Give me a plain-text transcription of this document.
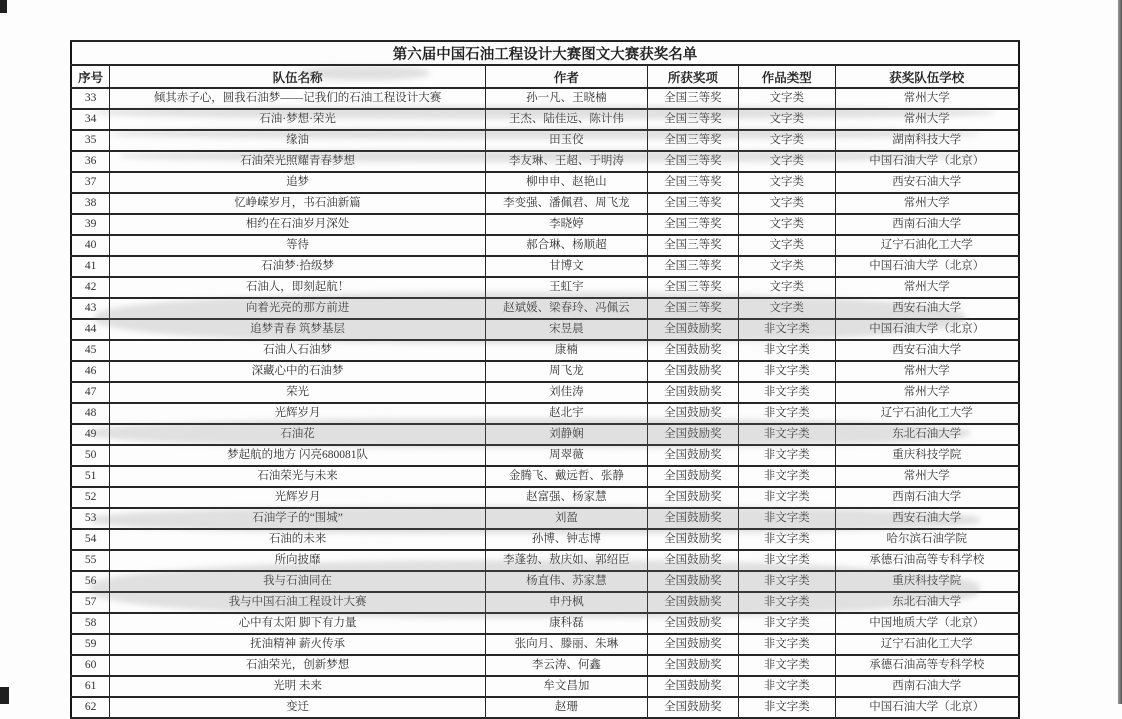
第六届中国石油工程设计大赛图文大赛获奖名单					
序号	队伍名称	作者	所获奖项	作品类型	获奖队伍学校
33	倾其赤子心，圆我石油梦——记我们的石油工程设计大赛	孙一凡、王晓楠	全国三等奖	文字类	常州大学
34	石油·梦想·荣光	王杰、陆佳远、陈计伟	全国三等奖	文字类	常州大学
35	缘油	田玉佼	全国三等奖	文字类	湖南科技大学
36	石油荣光照耀青春梦想	李友琳、王超、于明涛	全国三等奖	文字类	中国石油大学（北京）
37	追梦	柳申申、赵艳山	全国三等奖	文字类	西安石油大学
38	忆峥嵘岁月，书石油新篇	李变强、潘佩君、周飞龙	全国三等奖	文字类	常州大学
39	相约在石油岁月深处	李晓婷	全国三等奖	文字类	西南石油大学
40	等待	郝合琳、杨顺超	全国三等奖	文字类	辽宁石油化工大学
41	石油梦·拾级梦	甘博文	全国三等奖	文字类	中国石油大学（北京）
42	石油人，即刻起航！	王虹宇	全国三等奖	文字类	常州大学
43	向着光亮的那方前进	赵斌媛、梁春玲、冯佩云	全国三等奖	文字类	西安石油大学
44	追梦青春 筑梦基层	宋昱晨	全国鼓励奖	非文字类	中国石油大学（北京）
45	石油人石油梦	康楠	全国鼓励奖	非文字类	西安石油大学
46	深藏心中的石油梦	周飞龙	全国鼓励奖	非文字类	常州大学
47	荣光	刘佳涛	全国鼓励奖	非文字类	常州大学
48	光辉岁月	赵北宇	全国鼓励奖	非文字类	辽宁石油化工大学
49	石油花	刘静娴	全国鼓励奖	非文字类	东北石油大学
50	梦起航的地方 闪亮680081队	周翠薇	全国鼓励奖	非文字类	重庆科技学院
51	石油荣光与未来	金腾飞、戴远哲、张静	全国鼓励奖	非文字类	常州大学
52	光辉岁月	赵富强、杨家慧	全国鼓励奖	非文字类	西南石油大学
53	石油学子的“围城”	刘盈	全国鼓励奖	非文字类	西安石油大学
54	石油的未来	孙博、钟志博	全国鼓励奖	非文字类	哈尔滨石油学院
55	所向披靡	李蓬勃、敖庆如、郭绍臣	全国鼓励奖	非文字类	承德石油高等专科学校
56	我与石油同在	杨直伟、苏家慧	全国鼓励奖	非文字类	重庆科技学院
57	我与中国石油工程设计大赛	申丹枫	全国鼓励奖	非文字类	东北石油大学
58	心中有太阳 脚下有力量	康科磊	全国鼓励奖	非文字类	中国地质大学（北京）
59	抚油精神 薪火传承	张向月、滕丽、朱琳	全国鼓励奖	非文字类	辽宁石油化工大学
60	石油荣光，创新梦想	李云涛、何鑫	全国鼓励奖	非文字类	承德石油高等专科学校
61	光明 未来	牟文昌加	全国鼓励奖	非文字类	西南石油大学
62	变迁	赵珊	全国鼓励奖	非文字类	中国石油大学（北京）
